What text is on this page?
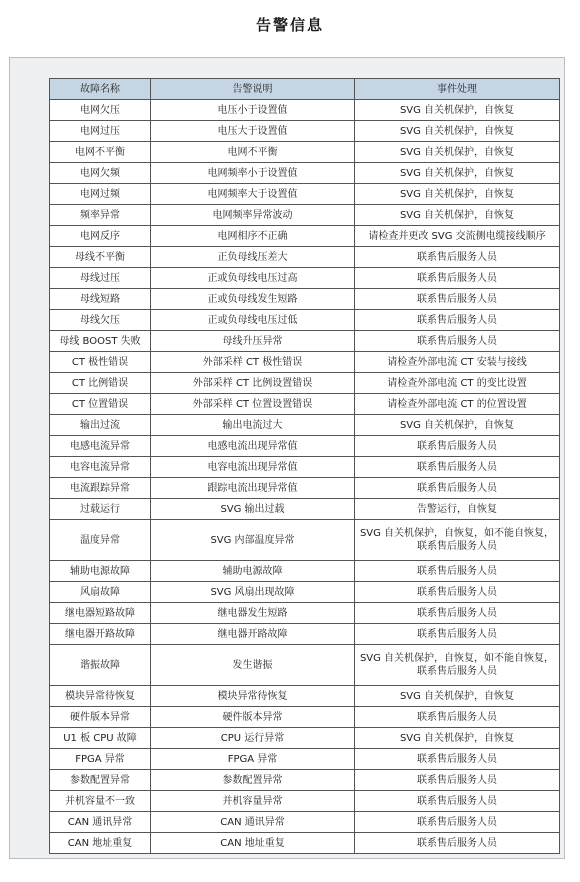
告警信息
故障名称	告警说明	事件处理
电网欠压	电压小于设置值	SVG 自关机保护，自恢复

电网过压	电压大于设置值	SVG 自关机保护，自恢复

电网不平衡	电网不平衡	SVG 自关机保护，自恢复

电网欠频	电网频率小于设置值	SVG 自关机保护，自恢复

电网过频	电网频率大于设置值	SVG 自关机保护，自恢复

频率异常	电网频率异常波动	SVG 自关机保护，自恢复

电网反序	电网相序不正确	请检查并更改 SVG 交流侧电缆接线顺序

母线不平衡	正负母线压差大	联系售后服务人员

母线过压	正或负母线电压过高	联系售后服务人员

母线短路	正或负母线发生短路	联系售后服务人员

母线欠压	正或负母线电压过低	联系售后服务人员

母线 BOOST 失败	母线升压异常	联系售后服务人员

CT 极性错误	外部采样 CT 极性错误	请检查外部电流 CT 安装与接线

CT 比例错误	外部采样 CT 比例设置错误	请检查外部电流 CT 的变比设置

CT 位置错误	外部采样 CT 位置设置错误	请检查外部电流 CT 的位置设置

输出过流	输出电流过大	SVG 自关机保护，自恢复

电感电流异常	电感电流出现异常值	联系售后服务人员

电容电流异常	电容电流出现异常值	联系售后服务人员

电流跟踪异常	跟踪电流出现异常值	联系售后服务人员

过载运行	SVG 输出过载	告警运行，自恢复

温度异常	SVG 内部温度异常	SVG 自关机保护，自恢复，如不能自恢复，
联系售后服务人员

辅助电源故障	辅助电源故障	联系售后服务人员

风扇故障	SVG 风扇出现故障	联系售后服务人员

继电器短路故障	继电器发生短路	联系售后服务人员

继电器开路故障	继电器开路故障	联系售后服务人员

谐振故障	发生谐振	SVG 自关机保护，自恢复，如不能自恢复，
联系售后服务人员

模块异常待恢复	模块异常待恢复	SVG 自关机保护，自恢复

硬件版本异常	硬件版本异常	联系售后服务人员

U1 板 CPU 故障	CPU 运行异常	SVG 自关机保护，自恢复

FPGA 异常	FPGA 异常	联系售后服务人员

参数配置异常	参数配置异常	联系售后服务人员

并机容量不一致	并机容量异常	联系售后服务人员

CAN 通讯异常	CAN 通讯异常	联系售后服务人员

CAN 地址重复	CAN 地址重复	联系售后服务人员
